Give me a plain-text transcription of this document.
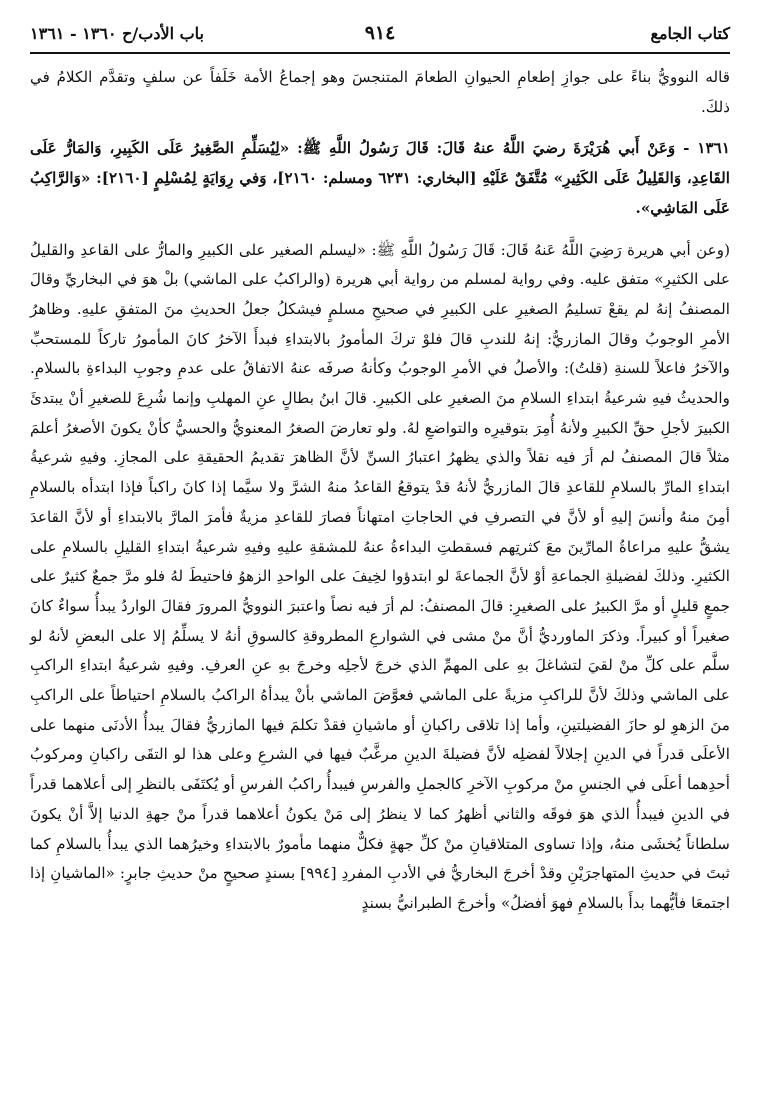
كتاب الجامع
٩١٤
باب الأدب/ح ١٣٦٠ - ١٣٦١

قاله النوويُّ بناءً على جوازِ إطعامِ الحيوانِ الطعامَ المتنجسَ وهو إجماعُ الأمة خَلَفاً عن سلفٍ وتقدَّم الكلامُ في ذلكَ.

١٣٦١ - وَعَنْ أَبي هُرَيْرَةَ رضيَ اللَّهُ عنهُ قَالَ: قَالَ رَسُولُ اللَّهِ ﷺ: «لِيُسَلِّمِ الصَّغِيرُ عَلَى الكَبِيرِ، وَالمَارُّ عَلَى القَاعِدِ، وَالقَلِيلُ عَلَى الكَثِيرِ» مُتَّفَقٌ عَلَيْهِ [البخاري: ٦٢٣١ ومسلم: ٢١٦٠]، وَفي رِوَايَةٍ لِمُسْلِمٍ [٢١٦٠]: «وَالرَّاكِبُ عَلَى المَاشِي».

(وعن أبي هريرة رَضِيَ اللَّهُ عَنهُ قَالَ: قَالَ رَسُولُ اللَّهِ ﷺ: «ليسلم الصغير على الكبيرِ والمارُّ على القاعدِ والقليلُ على الكثيرِ» متفق عليه. وفي رواية لمسلم من رواية أبي هريرة (والراكبُ على الماشي) بلْ هوَ في البخاريِّ وقالَ المصنفُ إنهُ لم يقعْ تسليمُ الصغيرِ على الكبيرِ في صحيحِ مسلمٍ فيشكلُ جعلُ الحديثِ منَ المتفقِ عليهِ. وظاهرُ الأمرِ الوجوبُ وقالَ المازريُّ: إنهُ للندبِ قالَ فلوْ تركَ المأمورُ بالابتداءِ فبدأَ الآخرُ كانَ المأمورُ تاركاً للمستحبِّ والآخرُ فاعلاً للسنةِ (قلتُ): والأصلُ في الأمرِ الوجوبُ وكأنهُ صرفَه عنهُ الاتفاقُ على عدمِ وجوبِ البداءةِ بالسلامِ. والحديثُ فيهِ شرعيةُ ابتداءِ السلامِ منَ الصغيرِ على الكبيرِ. قالَ ابنُ بطالٍ عنِ المهلبِ وإنما شُرِعَ للصغيرِ أنْ يبتدئَ الكبيرَ لأجلِ حقِّ الكبيرِ ولأنهُ أُمِرَ بتوقيرِه والتواضعِ لهُ. ولو تعارضَ الصغرُ المعنويُّ والحسيُّ كأنْ يكونَ الأصغرُ أعلمَ مثلاً قالَ المصنفُ لم أرَ فيه نقلاً والذي يظهرُ اعتبارُ السنِّ لأنَّ الظاهرَ تقديمُ الحقيقةِ على المجازِ. وفيهِ شرعيةُ ابتداءِ المارِّ بالسلامِ للقاعدِ قالَ المازريُّ لأنهُ قدْ يتوقعُ القاعدُ منهُ الشرَّ ولا سيَّما إذا كانَ راكباً فإذا ابتدأه بالسلامِ أمِنَ منهُ وأنسَ إليهِ أو لأنَّ في التصرفِ في الحاجاتِ امتهاناً فصارَ للقاعدِ مزيةٌ فأمرَ المارَّ بالابتداءِ أو لأنَّ القاعدَ يشقُّ عليهِ مراعاةُ المارِّينَ معَ كثرتِهم فسقطتِ البداءةُ عنهُ للمشقةِ عليهِ وفيهِ شرعيةُ ابتداءِ القليلِ بالسلامِ على الكثيرِ. وذلكَ لفضيلةِ الجماعةِ أوْ لأنَّ الجماعةَ لو ابتدؤوا لخِيفَ على الواحدِ الزهوُ فاحتيطَ لهُ فلو مرَّ جمعٌ كثيرٌ على جمعٍ قليلٍ أو مرَّ الكبيرُ على الصغيرِ: قالَ المصنفُ: لم أرَ فيه نصاً واعتبرَ النوويُّ المرورَ فقالَ الواردُ يبدأُ سواءٌ كانَ صغيراً أو كبيراً. وذكرَ الماورديُّ أنَّ منْ مشى في الشوارعِ المطروقةِ كالسوقِ أنهُ لا يسلِّمُ إلا على البعضِ لأنهُ لو سلَّم على كلِّ منْ لقيَ لتشاغلَ بهِ على المهمِّ الذي خرجَ لأجلِه وخرجَ بهِ عنِ العرفِ. وفيهِ شرعيةُ ابتداءِ الراكبِ على الماشي وذلكَ لأنَّ للراكبِ مزيةً على الماشي فعوَّضَ الماشي بأنْ يبدأهُ الراكبُ بالسلامِ احتياطاً على الراكبِ منَ الزهوِ لو حازَ الفضيلتينِ، وأما إذا تلاقى راكبانِ أو ماشيانِ فقدْ تكلمَ فيها المازريُّ فقالَ يبدأُ الأدنَى منهما على الأعلَى قدراً في الدينِ إجلالاً لفضلِه لأنَّ فضيلةَ الدينِ مرغَّبٌ فيها في الشرعِ وعلى هذا لو التقَى راكبانِ ومركوبُ أحدِهما أعلَى في الجنسِ منْ مركوبِ الآخرِ كالجملِ والفرسِ فيبدأُ راكبُ الفرسِ أو يُكتَفَى بالنظرِ إلى أعلاهما قدراً في الدينِ فيبدأُ الذي هوَ فوقَه والثاني أظهرُ كما لا ينظرُ إلى مَنْ يكونُ أعلاهما قدراً منْ جهةِ الدنيا إلاَّ أنْ يكونَ سلطاناً يُخشَى منهُ، وإذا تساوى المتلاقيانِ منْ كلِّ جهةٍ فكلٌّ منهما مأمورٌ بالابتداءِ وخيرُهما الذي يبدأُ بالسلامِ كما ثبتَ في حديثِ المتهاجرَيْنِ وقدْ أخرجَ البخاريُّ في الأدبِ المفردِ [٩٩٤] بسندٍ صحيحٍ منْ حديثِ جابرٍ: «الماشيانِ إذا اجتمعَا فأيُّهما بدأَ بالسلامِ فهوَ أفضلُ» وأخرجَ الطبرانيُّ بسندٍ
